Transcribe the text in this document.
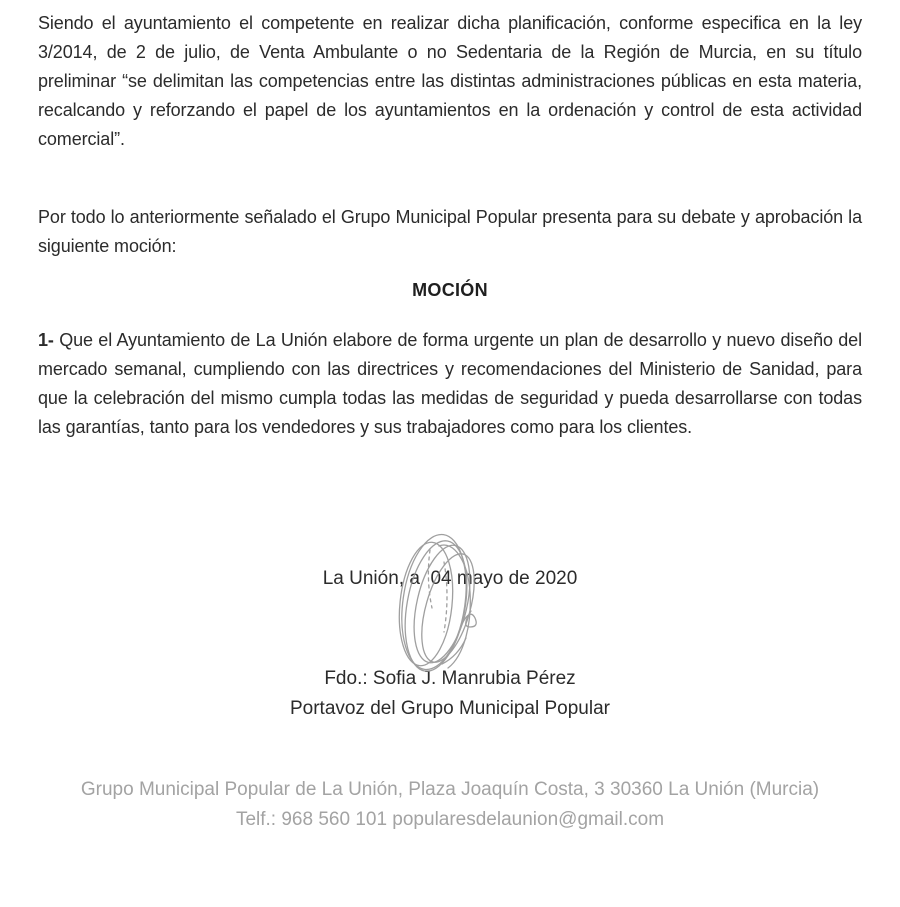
Siendo el ayuntamiento el competente en realizar dicha planificación, conforme especifica en la ley 3/2014, de 2 de julio, de Venta Ambulante o no Sedentaria de la Región de Murcia, en su título preliminar “se delimitan las competencias entre las distintas administraciones públicas en esta materia, recalcando y reforzando el papel de los ayuntamientos en la ordenación y control de esta actividad comercial”.

Por todo lo anteriormente señalado el Grupo Municipal Popular presenta para su debate y aprobación la siguiente moción:

MOCIÓN

1- Que el Ayuntamiento de La Unión elabore de forma urgente un plan de desarrollo y nuevo diseño del mercado semanal, cumpliendo con las directrices y recomendaciones del Ministerio de Sanidad, para que la celebración del mismo cumpla todas las medidas de seguridad y pueda desarrollarse con todas las garantías, tanto para los vendedores y sus trabajadores como para los clientes.

La Unión, a  04 mayo de 2020

Fdo.: Sofia J. Manrubia Pérez

Portavoz del Grupo Municipal Popular

Grupo Municipal Popular de La Unión, Plaza Joaquín Costa, 3 30360 La Unión (Murcia)

Telf.: 968 560 101 popularesdelaunion@gmail.com
